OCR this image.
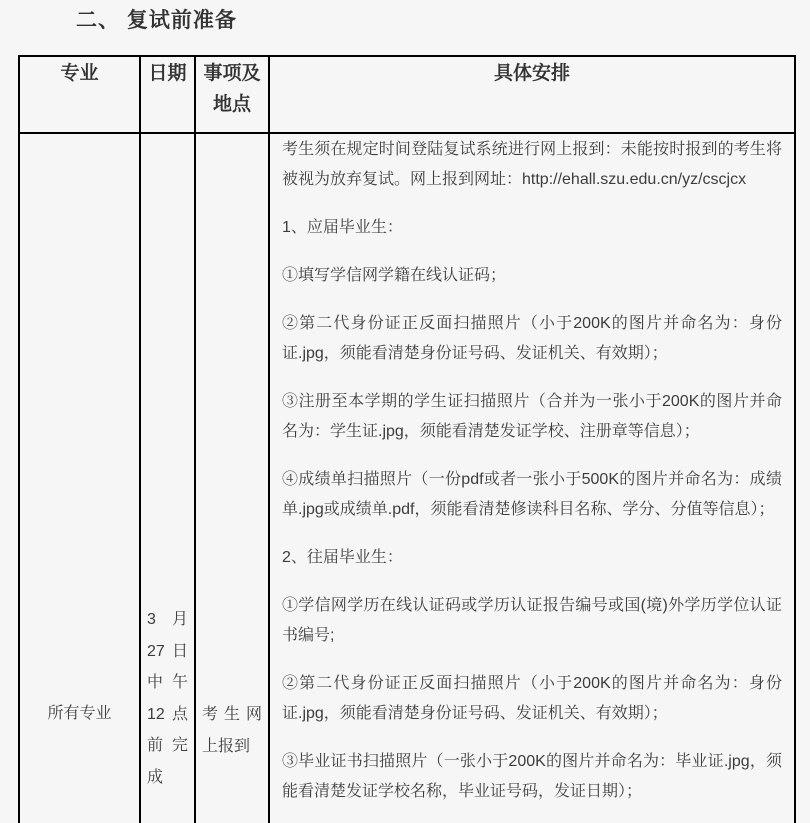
二、 复试前准备
专业	日期	事项及地点	具体安排
所有专业	3月27日中午12点前完成	考生网上报到	

考生须在规定时间登陆复试系统进行网上报到：未能按时报到的考生将被视为放弃复试。网上报到网址：http://ehall.szu.edu.cn/yz/cscjcx

1、应届毕业生：

①填写学信网学籍在线认证码；

②第二代身份证正反面扫描照片（小于200K的图片并命名为：身份证.jpg，须能看清楚身份证号码、发证机关、有效期）；

③注册至本学期的学生证扫描照片（合并为一张小于200K的图片并命名为：学生证.jpg，须能看清楚发证学校、注册章等信息）；

④成绩单扫描照片（一份pdf或者一张小于500K的图片并命名为：成绩单.jpg或成绩单.pdf，须能看清楚修读科目名称、学分、分值等信息）；

2、往届毕业生：

①学信网学历在线认证码或学历认证报告编号或国(境)外学历学位认证书编号;

②第二代身份证正反面扫描照片（小于200K的图片并命名为：身份证.jpg，须能看清楚身份证号码、发证机关、有效期）；

③毕业证书扫描照片（一张小于200K的图片并命名为：毕业证.jpg，须能看清楚发证学校名称，毕业证号码，发证日期）；
